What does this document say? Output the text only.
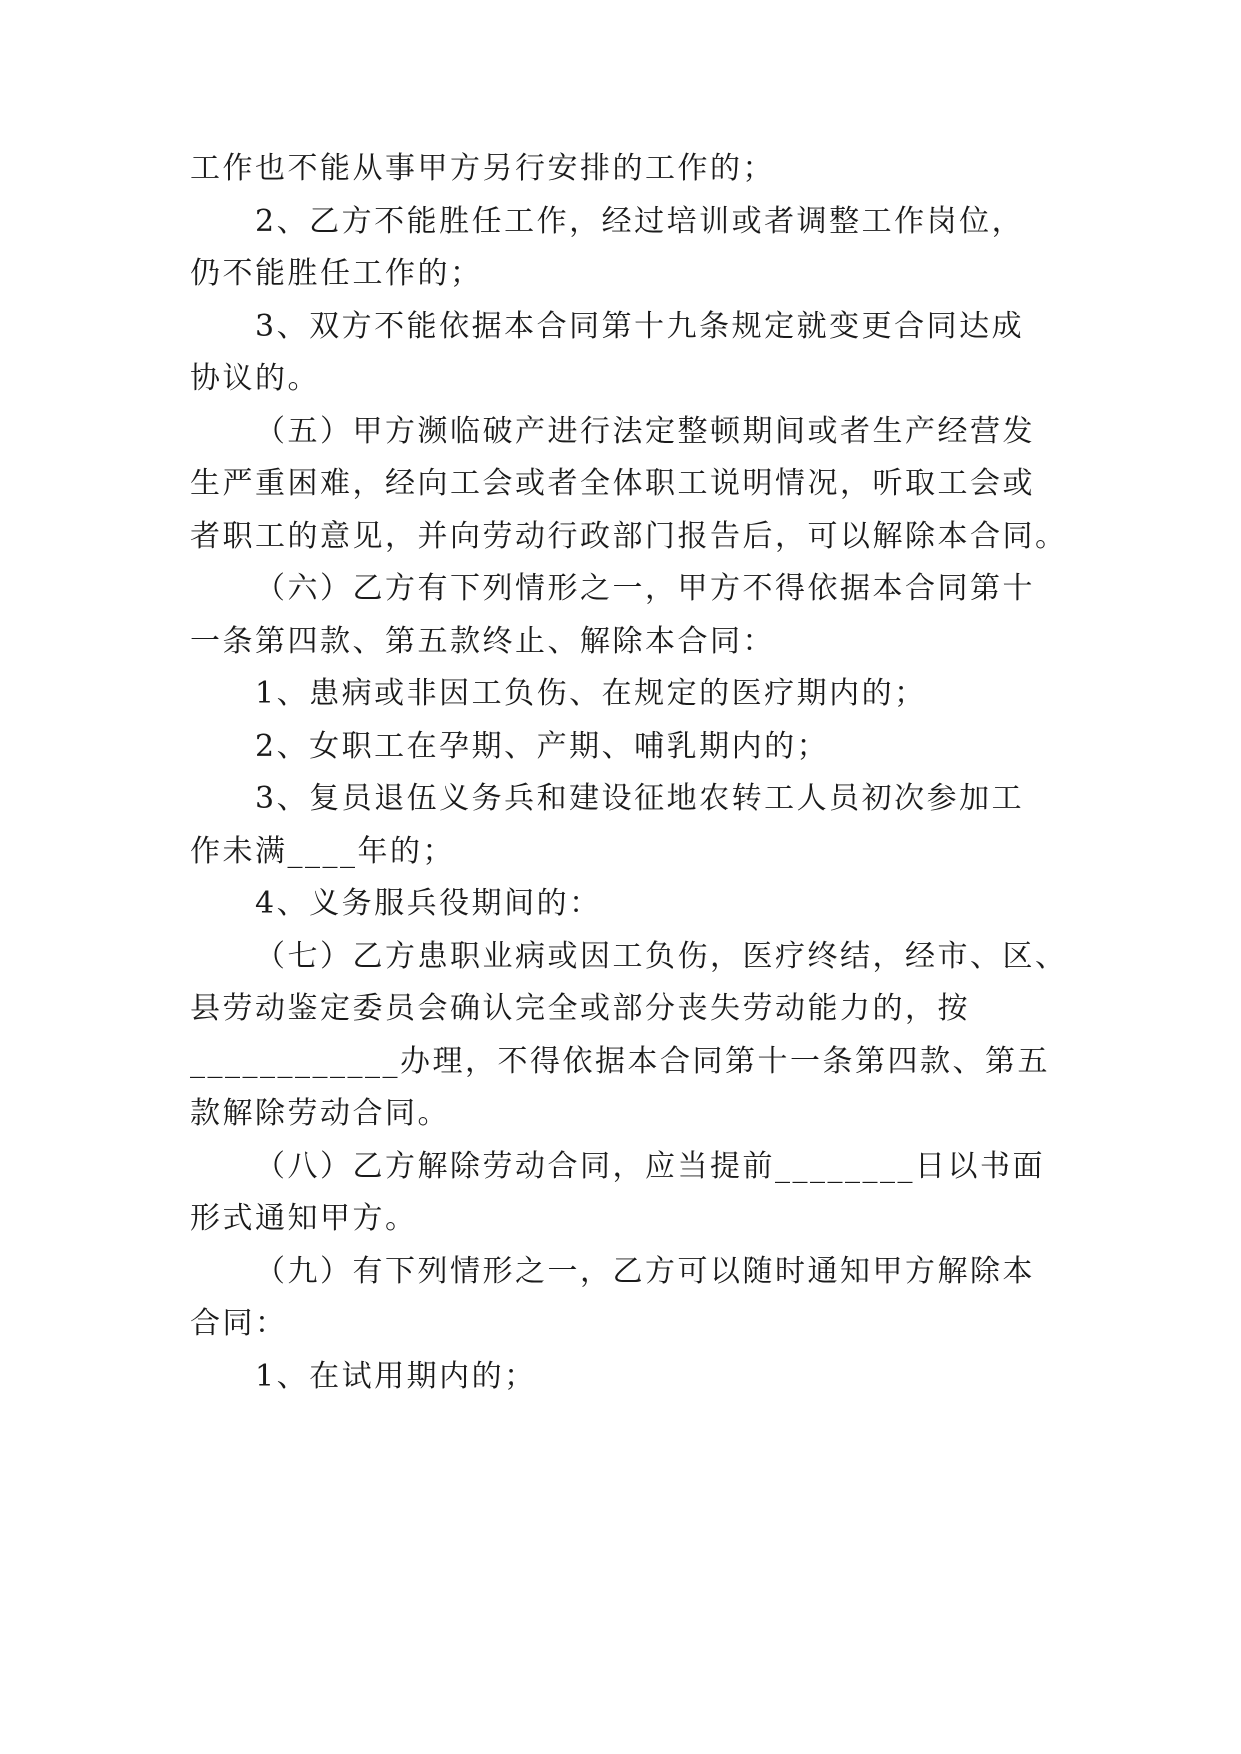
工作也不能从事甲方另行安排的工作的；
2、乙方不能胜任工作，经过培训或者调整工作岗位，
仍不能胜任工作的；
3、双方不能依据本合同第十九条规定就变更合同达成
协议的。
（五）甲方濒临破产进行法定整顿期间或者生产经营发
生严重困难，经向工会或者全体职工说明情况，听取工会或
者职工的意见，并向劳动行政部门报告后，可以解除本合同。
（六）乙方有下列情形之一，甲方不得依据本合同第十
一条第四款、第五款终止、解除本合同：
1、患病或非因工负伤、在规定的医疗期内的；
2、女职工在孕期、产期、哺乳期内的；
3、复员退伍义务兵和建设征地农转工人员初次参加工
作未满____年的；
4、义务服兵役期间的：
（七）乙方患职业病或因工负伤，医疗终结，经市、区、
县劳动鉴定委员会确认完全或部分丧失劳动能力的，按
____________办理，不得依据本合同第十一条第四款、第五
款解除劳动合同。
（八）乙方解除劳动合同，应当提前________日以书面
形式通知甲方。
（九）有下列情形之一，乙方可以随时通知甲方解除本
合同：
1、在试用期内的；
